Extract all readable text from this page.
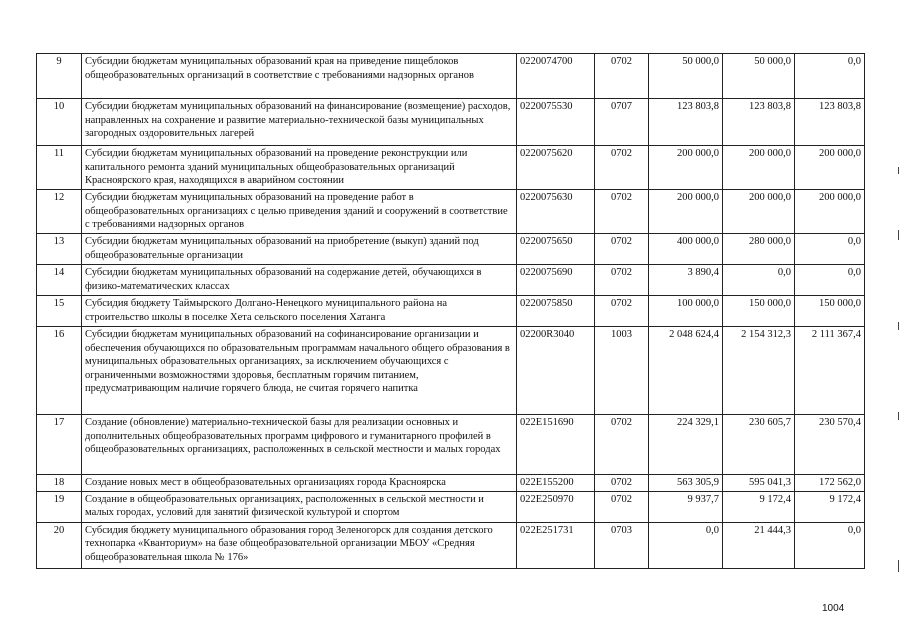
9	Субсидии бюджетам муниципальных образований края на приведение пищеблоков общеобразовательных организаций в соответствие с требованиями надзорных органов	0220074700	0702	50 000,0	50 000,0	0,0
10	Субсидии бюджетам муниципальных образований на финансирование (возмещение) расходов, направленных на сохранение и развитие материально-технической базы муниципальных загородных оздоровительных лагерей	0220075530	0707	123 803,8	123 803,8	123 803,8
11	Субсидии бюджетам муниципальных образований на проведение реконструкции или капитального ремонта зданий муниципальных общеобразовательных организаций Красноярского края, находящихся в аварийном состоянии	0220075620	0702	200 000,0	200 000,0	200 000,0
12	Субсидии бюджетам муниципальных образований на проведение работ в общеобразовательных организациях с целью приведения зданий и сооружений в соответствие с требованиями надзорных органов	0220075630	0702	200 000,0	200 000,0	200 000,0
13	Субсидии бюджетам муниципальных образований на приобретение (выкуп) зданий под общеобразовательные организации	0220075650	0702	400 000,0	280 000,0	0,0
14	Субсидии бюджетам муниципальных образований на содержание детей, обучающихся в физико-математических классах	0220075690	0702	3 890,4	0,0	0,0
15	Субсидия бюджету Таймырского Долгано-Ненецкого муниципального района на строительство школы в поселке Хета сельского поселения Хатанга	0220075850	0702	100 000,0	150 000,0	150 000,0
16	Субсидии бюджетам муниципальных образований на софинансирование организации и обеспечения обучающихся по образовательным программам начального общего образования в муниципальных образовательных организациях, за исключением обучающихся с ограниченными возможностями здоровья, бесплатным горячим питанием, предусматривающим наличие горячего блюда, не считая горячего напитка	02200R3040	1003	2 048 624,4	2 154 312,3	2 111 367,4
17	Создание (обновление) материально-технической базы для реализации основных и дополнительных общеобразовательных программ цифрового и гуманитарного профилей в общеобразовательных организациях, расположенных в сельской местности и малых городах	022E151690	0702	224 329,1	230 605,7	230 570,4
18	Создание новых мест в общеобразовательных организациях города Красноярска	022E155200	0702	563 305,9	595 041,3	172 562,0
19	Создание в общеобразовательных организациях, расположенных в сельской местности и малых городах, условий для занятий физической культурой и спортом	022E250970	0702	9 937,7	9 172,4	9 172,4
20	Субсидия бюджету муниципального образования город Зеленогорск для создания детского технопарка «Кванториум» на базе общеобразовательной организации МБОУ «Средняя общеобразовательная школа № 176»	022E251731	0703	0,0	21 444,3	0,0
1004
